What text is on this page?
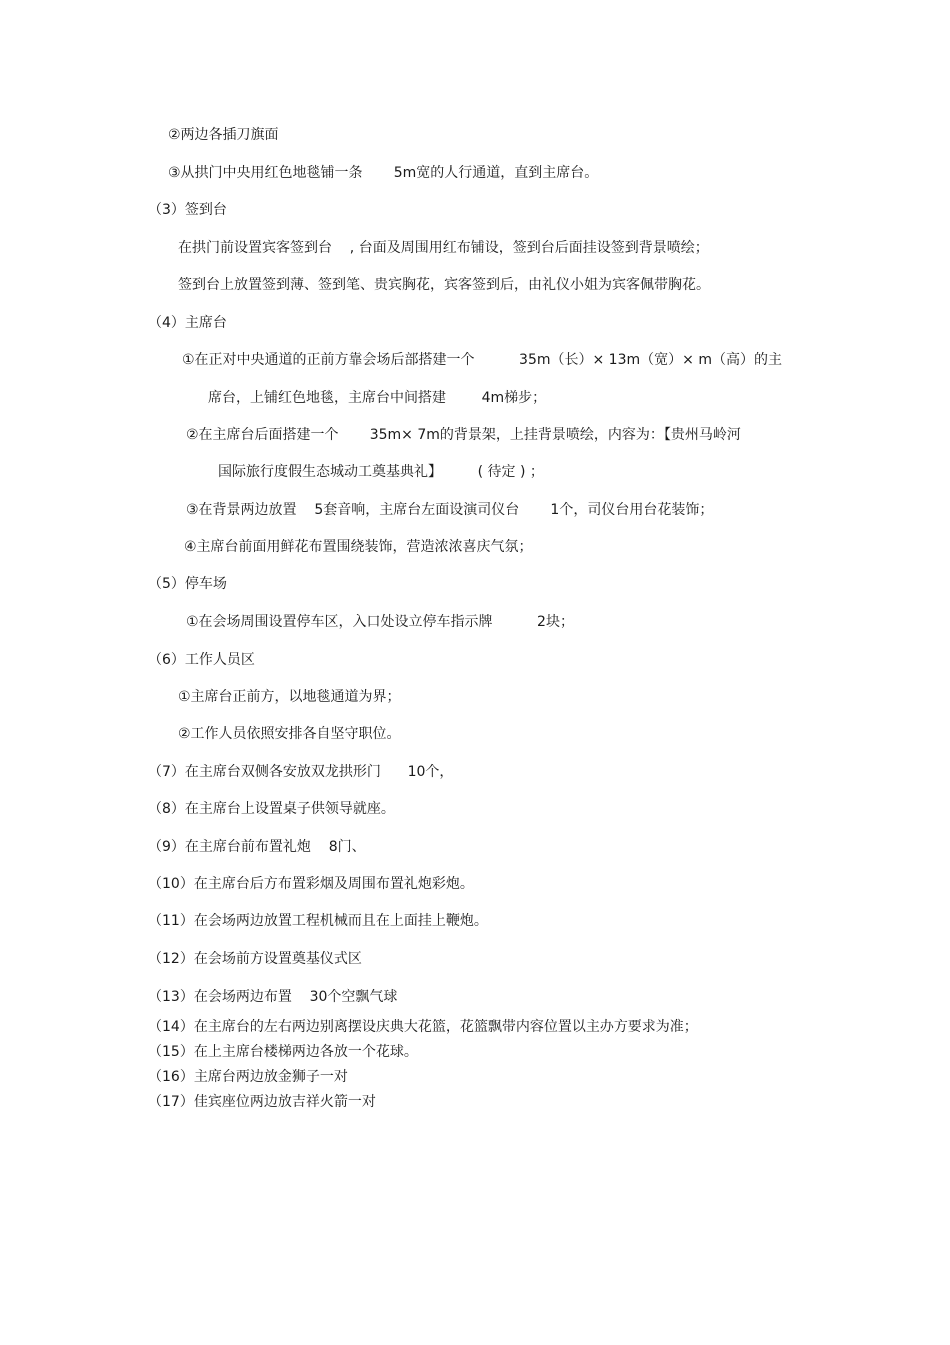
②两边各插刀旗面
③从拱门中央用红色地毯铺一条       5m宽的人行通道，直到主席台。
（3）签到台
在拱门前设置宾客签到台    , 台面及周围用红布铺设，签到台后面挂设签到背景喷绘；
签到台上放置签到薄、签到笔、贵宾胸花，宾客签到后，由礼仪小姐为宾客佩带胸花。
（4）主席台
①在正对中央通道的正前方靠会场后部搭建一个          35m（长）× 13m（宽）× m（高）的主
席台，上铺红色地毯，主席台中间搭建        4m梯步；
②在主席台后面搭建一个       35m× 7m的背景架，上挂背景喷绘，内容为：【贵州马岭河
国际旅行度假生态城动工奠基典礼】        ( 待定 ) ；
③在背景两边放置    5套音响，主席台左面设演司仪台       1个，司仪台用台花装饰；
④主席台前面用鲜花布置围绕装饰，营造浓浓喜庆气氛；
（5）停车场
①在会场周围设置停车区，入口处设立停车指示牌          2块；
（6）工作人员区
①主席台正前方，以地毯通道为界；
②工作人员依照安排各自坚守职位。
（7）在主席台双侧各安放双龙拱形门      10个，
（8）在主席台上设置桌子供领导就座。
（9）在主席台前布置礼炮    8门、
（10）在主席台后方布置彩烟及周围布置礼炮彩炮。
（11）在会场两边放置工程机械而且在上面挂上鞭炮。
（12）在会场前方设置奠基仪式区
（13）在会场两边布置    30个空飘气球
（14）在主席台的左右两边别离摆设庆典大花篮，花篮飘带内容位置以主办方要求为准；
（15）在上主席台楼梯两边各放一个花球。
（16）主席台两边放金狮子一对
（17）佳宾座位两边放吉祥火箭一对
